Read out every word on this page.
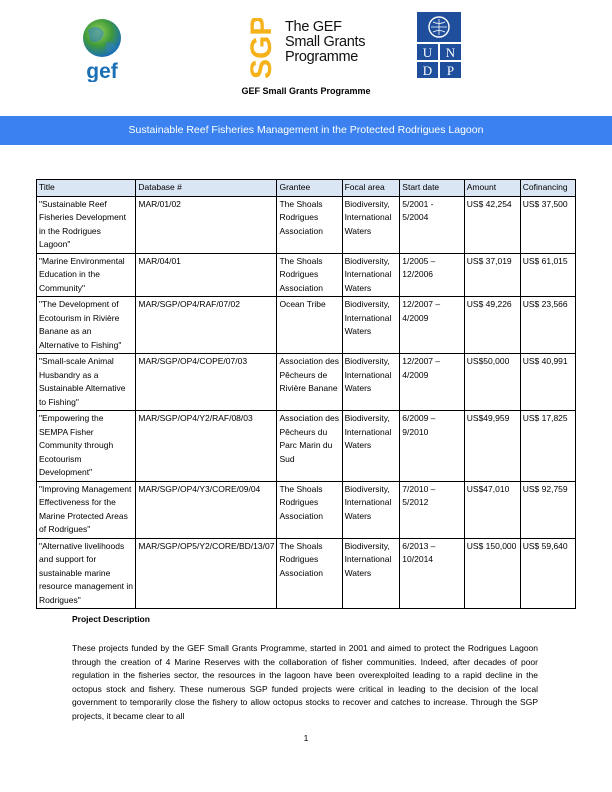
gef	SGP The GEF
Small Grants
Programme	U N
D P
GEF Small Grants Programme
Sustainable Reef Fisheries Management in the Protected Rodrigues Lagoon
Title	Database #	Grantee	Focal area	Start date	Amount	Cofinancing
"Sustainable Reef Fisheries Development in the Rodrigues Lagoon"	MAR/01/02	The Shoals Rodrigues Association	Biodiversity, International Waters	5/2001 - 5/2004	US$ 42,254	US$ 37,500
"Marine Environmental Education in the Community"	MAR/04/01	The Shoals Rodrigues Association	Biodiversity, International Waters	1/2005 – 12/2006	US$ 37,019	US$ 61,015
"The Development of Ecotourism in Rivière Banane as an Alternative to Fishing"	MAR/SGP/OP4/RAF/07/02	Ocean Tribe	Biodiversity, International Waters	12/2007 – 4/2009	US$ 49,226	US$ 23,566
"Small-scale Animal Husbandry as a Sustainable Alternative to Fishing"	MAR/SGP/OP4/COPE/07/03	Association des Pêcheurs de Rivière Banane	Biodiversity, International Waters	12/2007 – 4/2009	US$50,000	US$ 40,991
"Empowering the SEMPA Fisher Community through Ecotourism Development"	MAR/SGP/OP4/Y2/RAF/08/03	Association des Pêcheurs du Parc Marin du Sud	Biodiversity, International Waters	6/2009 – 9/2010	US$49,959	US$ 17,825
"Improving Management Effectiveness for the Marine Protected Areas of Rodrigues"	MAR/SGP/OP4/Y3/CORE/09/04	The Shoals Rodrigues Association	Biodiversity, International Waters	7/2010 – 5/2012	US$47,010	US$ 92,759
"Alternative livelihoods and support for sustainable marine resource management in Rodrigues"	MAR/SGP/OP5/Y2/CORE/BD/13/07	The Shoals Rodrigues Association	Biodiversity, International Waters	6/2013 – 10/2014	US$ 150,000	US$ 59,640
Project Description
These projects funded by the GEF Small Grants Programme, started in 2001 and aimed to protect the Rodrigues Lagoon through the creation of 4 Marine Reserves with the collaboration of fisher communities. Indeed, after decades of poor regulation in the fisheries sector, the resources in the lagoon have been overexploited leading to a rapid decline in the octopus stock and fishery. These numerous SGP funded projects were critical in leading to the decision of the local government to temporarily close the fishery to allow octopus stocks to recover and catches to increase. Through the SGP projects, it became clear to all
1
